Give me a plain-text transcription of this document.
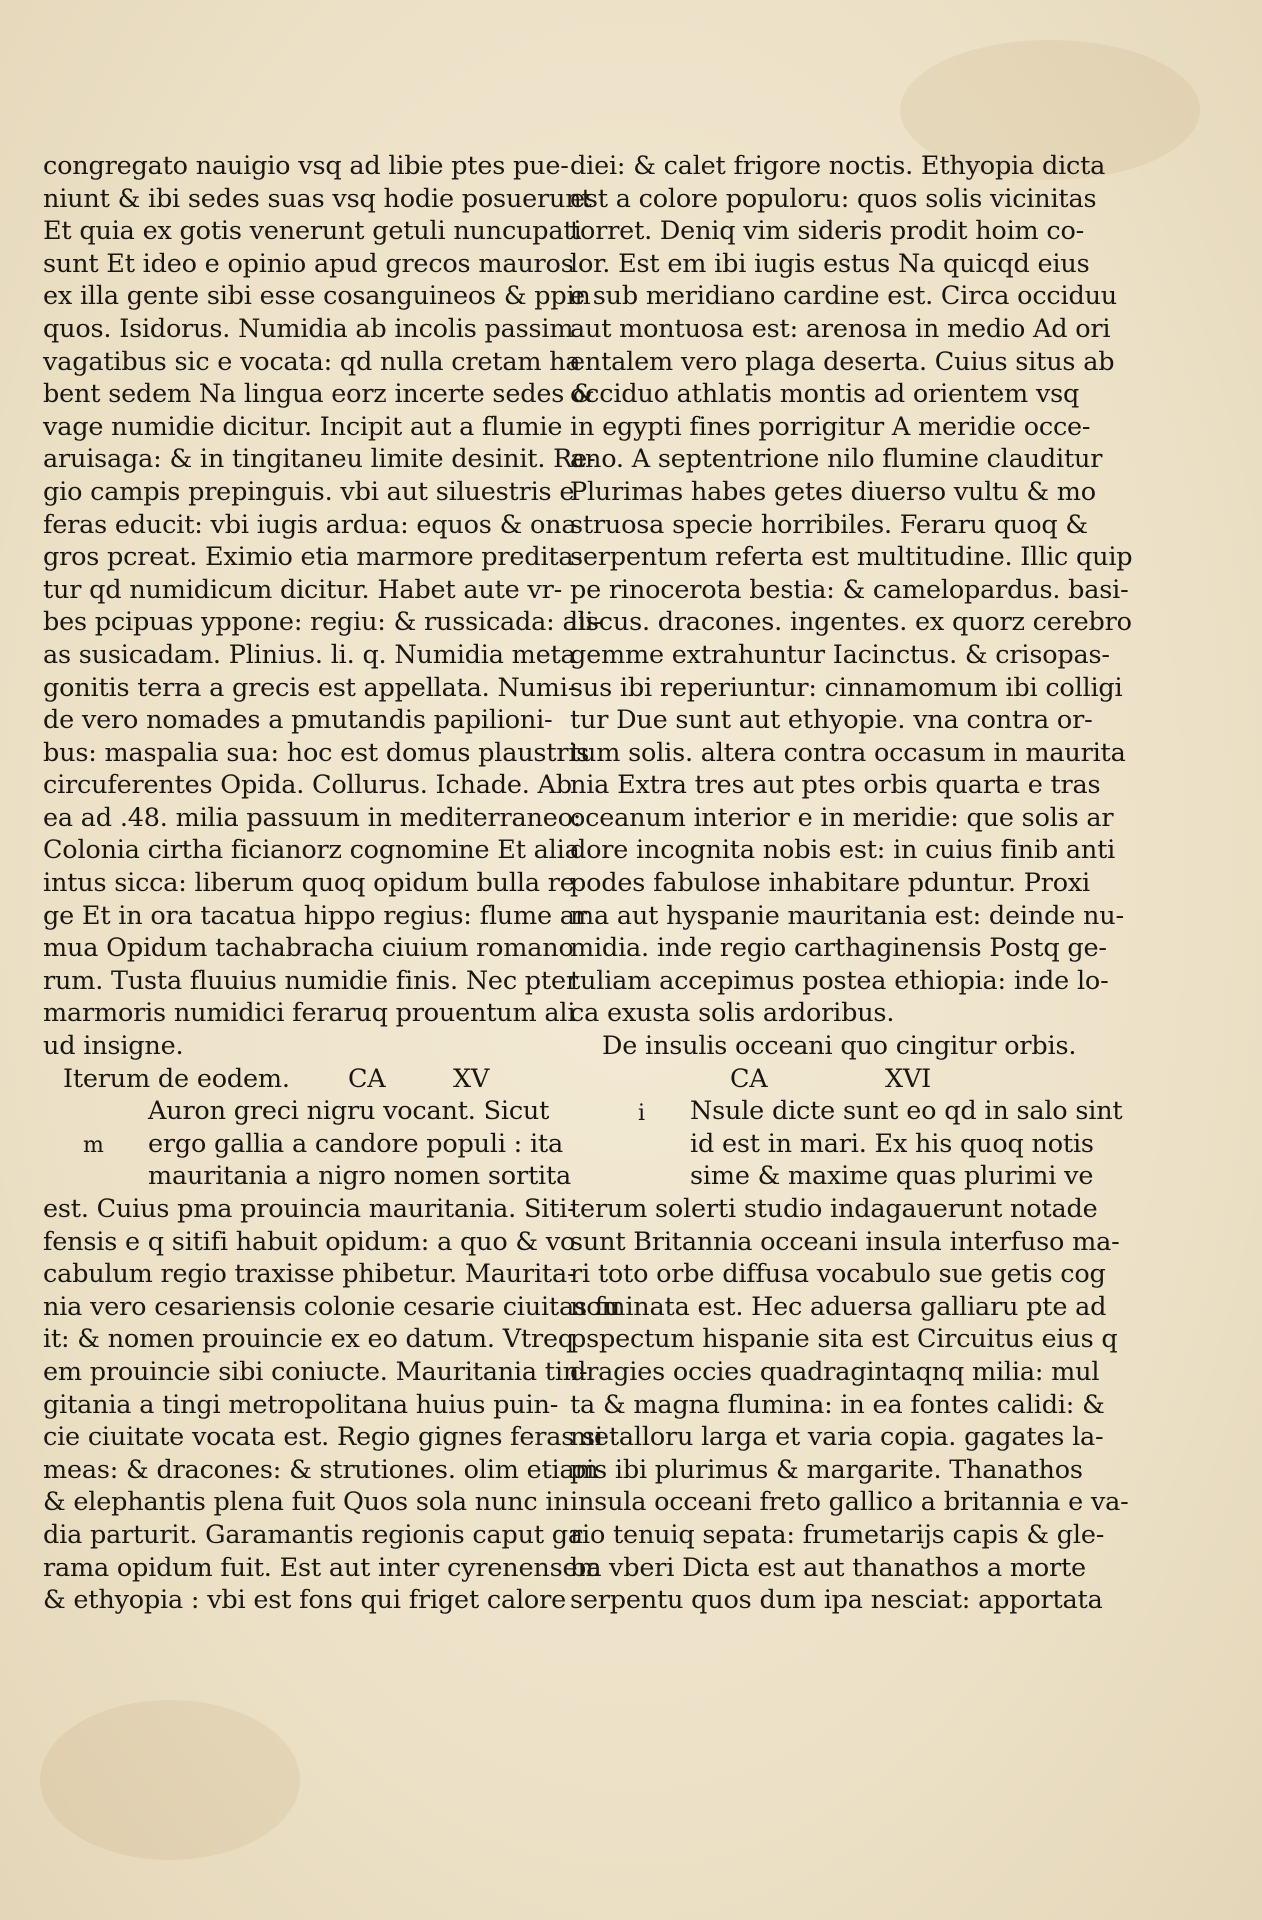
congregato nauigio vsq ad libie ptes pue-
niunt & ibi sedes suas vsq hodie posuerunt
Et quia ex gotis venerunt getuli nuncupati
sunt Et ideo e opinio apud grecos mauros
ex illa gente sibi esse cosanguineos & ppin
quos. Isidorus. Numidia ab incolis passim
vagatibus sic e vocata: qd nulla cretam ha
bent sedem Na lingua eorz incerte sedes &
vage numidie dicitur. Incipit aut a flumie
aruisaga: & in tingitaneu limite desinit. Re-
gio campis prepinguis. vbi aut siluestris e
feras educit: vbi iugis ardua: equos & ona
gros pcreat. Eximio etia marmore predita-
tur qd numidicum dicitur. Habet aute vr-
bes pcipuas yppone: regiu: & russicada: ali-
as susicadam. Plinius. li. q. Numidia meta
gonitis terra a grecis est appellata. Numi-
de vero nomades a pmutandis papilioni-
bus: maspalia sua: hoc est domus plaustris
circuferentes Opida. Collurus. Ichade. Ab
ea ad .48. milia passuum in mediterraneo:
Colonia cirtha ficianorz cognomine Et alia
intus sicca: liberum quoq opidum bulla re
ge Et in ora tacatua hippo regius: flume ar
mua Opidum tachabracha ciuium romano
rum. Tusta fluuius numidie finis. Nec pter
marmoris numidici feraruq prouentum ali
ud insigne.
Iterum de eodem. CA	XV
m
Auron greci nigru vocant. Sicut
ergo gallia a candore populi : ita
mauritania a nigro nomen sortita
est. Cuius pma prouincia mauritania. Siti-
fensis e q sitifi habuit opidum: a quo & vo
cabulum regio traxisse phibetur. Maurita-
nia vero cesariensis colonie cesarie ciuitas fu
it: & nomen prouincie ex eo datum. Vtreq
em prouincie sibi coniucte. Mauritania tin-
gitania a tingi metropolitana huius puin-
cie ciuitate vocata est. Regio gignes feras si
meas: & dracones: & strutiones. olim etiam
& elephantis plena fuit Quos sola nunc in
dia parturit. Garamantis regionis caput ga
rama opidum fuit. Est aut inter cyrenensem
& ethyopia : vbi est fons qui friget calore
diei: & calet frigore noctis. Ethyopia dicta
est a colore populoru: quos solis vicinitas
torret. Deniq vim sideris prodit hoim co-
lor. Est em ibi iugis estus Na quicqd eius
e sub meridiano cardine est. Circa occiduu
aut montuosa est: arenosa in medio Ad ori
entalem vero plaga deserta. Cuius situs ab
occiduo athlatis montis ad orientem vsq
in egypti fines porrigitur A meridie occe-
ano. A septentrione nilo flumine clauditur
Plurimas habes getes diuerso vultu & mo
struosa specie horribiles. Feraru quoq &
serpentum referta est multitudine. Illic quip
pe rinocerota bestia: & camelopardus. basi-
liscus. dracones. ingentes. ex quorz cerebro
gemme extrahuntur Iacinctus. & crisopas-
sus ibi reperiuntur: cinnamomum ibi colligi
tur Due sunt aut ethyopie. vna contra or-
tum solis. altera contra occasum in maurita
nia Extra tres aut ptes orbis quarta e tras
oceanum interior e in meridie: que solis ar
dore incognita nobis est: in cuius finib anti
podes fabulose inhabitare pduntur. Proxi
ma aut hyspanie mauritania est: deinde nu-
midia. inde regio carthaginensis Postq ge-
tuliam accepimus postea ethiopia: inde lo-
ca exusta solis ardoribus.
De insulis occeani quo cingitur orbis.
CA	XVI
i Nsule dicte sunt eo qd in salo sint
id est in mari. Ex his quoq notis
sime & maxime quas plurimi ve
terum solerti studio indagauerunt notade
sunt Britannia occeani insula interfuso ma-
ri toto orbe diffusa vocabulo sue getis cog
nominata est. Hec aduersa galliaru pte ad
pspectum hispanie sita est Circuitus eius q
dragies occies quadragintaqnq milia: mul
ta & magna flumina: in ea fontes calidi: &
metalloru larga et varia copia. gagates la-
pis ibi plurimus & margarite. Thanathos
insula occeani freto gallico a britannia e va-
rio tenuiq sepata: frumetarijs capis & gle-
ba vberi Dicta est aut thanathos a morte
serpentu quos dum ipa nesciat: apportata
